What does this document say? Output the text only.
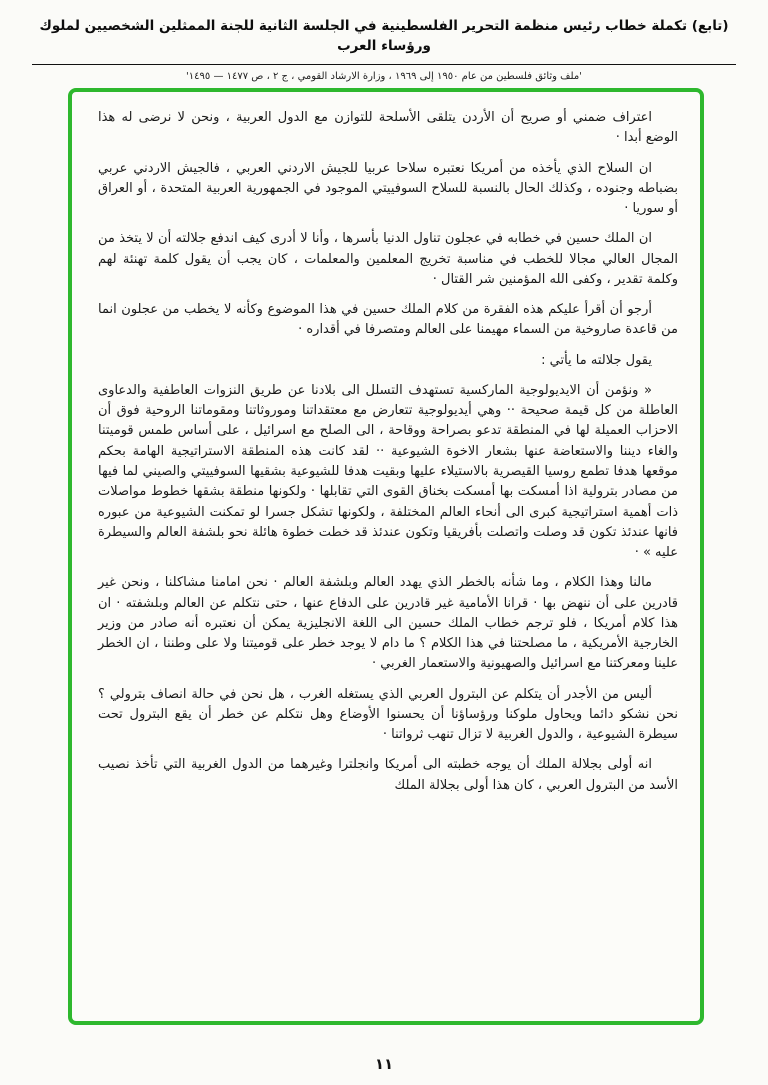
(تابع) تكملة خطاب رئيس منظمة التحرير الفلسطينية في الجلسة الثانية للجنة الممثلين الشخصيين لملوك ورؤساء العرب
'ملف وثائق فلسطين من عام ١٩٥٠ إلى ١٩٦٩ ، وزارة الارشاد القومي ، ج ٢ ، ص ١٤٧٧ — ١٤٩٥'

اعتراف ضمني أو صريح أن الأردن يتلقى الأسلحة للتوازن مع الدول العربية ، ونحن لا نرضى له هذا الوضع أبدا ·

ان السلاح الذي يأخذه من أمريكا نعتبره سلاحا عربيا للجيش الاردني العربي ، فالجيش الاردني عربي بضباطه وجنوده ، وكذلك الحال بالنسبة للسلاح السوفييتي الموجود في الجمهورية العربية المتحدة ، أو العراق أو سوريا ·

ان الملك حسين في خطابه في عجلون تناول الدنيا بأسرها ، وأنا لا أدرى كيف اندفع جلالته أن لا يتخذ من المجال العالي مجالا للخطب في مناسبة تخريج المعلمين والمعلمات ، كان يجب أن يقول كلمة تهنئة لهم وكلمة تقدير ، وكفى الله المؤمنين شر القتال ·

أرجو أن أقرأ عليكم هذه الفقرة من كلام الملك حسين في هذا الموضوع وكأنه لا يخطب من عجلون انما من قاعدة صاروخية من السماء مهيمنا على العالم ومتصرفا في أقداره ·

يقول جلالته ما يأتي :

« ونؤمن أن الايديولوجية الماركسية تستهدف التسلل الى بلادنا عن طريق النزوات العاطفية والدعاوى العاطلة من كل قيمة صحيحة ·· وهي أيديولوجية تتعارض مع معتقداتنا وموروثاتنا ومقوماتنا الروحية فوق أن الاحزاب العميلة لها في المنطقة تدعو بصراحة ووقاحة ، الى الصلح مع اسرائيل ، على أساس طمس قوميتنا والغاء ديننا والاستعاضة عنها بشعار الاخوة الشيوعية ·· لقد كانت هذه المنطقة الاستراتيجية الهامة بحكم موقعها هدفا تطمع روسيا القيصرية بالاستيلاء عليها وبقيت هدفا للشيوعية بشقيها السوفييتي والصيني لما فيها من مصادر بترولية اذا أمسكت بها أمسكت بخناق القوى التي تقابلها · ولكونها منطقة بشقها خطوط مواصلات ذات أهمية استراتيجية كبرى الى أنحاء العالم المختلفة ، ولكونها تشكل جسرا لو تمكنت الشيوعية من عبوره فانها عندئذ تكون قد وصلت واتصلت بأفريقيا وتكون عندئذ قد خطت خطوة هائلة نحو بلشفة العالم والسيطرة عليه » ·

مالنا وهذا الكلام ، وما شأنه بالخطر الذي يهدد العالم وبلشفة العالم · نحن امامنا مشاكلنا ، ونحن غير قادرين على أن ننهض بها · قرانا الأمامية غير قادرين على الدفاع عنها ، حتى نتكلم عن العالم وبلشفته · ان هذا كلام أمريكا ، فلو ترجم خطاب الملك حسين الى اللغة الانجليزية يمكن أن نعتبره أنه صادر من وزير الخارجية الأمريكية ، ما مصلحتنا في هذا الكلام ؟ ما دام لا يوجد خطر على قوميتنا ولا على وطننا ، ان الخطر علينا ومعركتنا مع اسرائيل والصهيونية والاستعمار الغربي ·

أليس من الأجدر أن يتكلم عن البترول العربي الذي يستغله الغرب ، هل نحن في حالة انصاف بترولي ؟ نحن نشكو دائما ويحاول ملوكنا ورؤساؤنا أن يحسنوا الأوضاع وهل نتكلم عن خطر أن يقع البترول تحت سيطرة الشيوعية ، والدول الغربية لا تزال تنهب ثرواتنا ·

انه أولى بجلالة الملك أن يوجه خطبته الى أمريكا وانجلترا وغيرهما من الدول الغربية التي تأخذ نصيب الأسد من البترول العربي ، كان هذا أولى بجلالة الملك

١١
